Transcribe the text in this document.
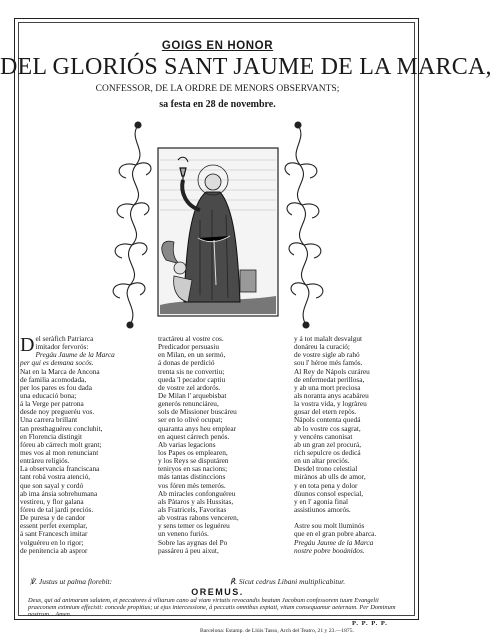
GOIGS EN HONOR
DEL GLORIÓS SANT JAUME DE LA MARCA,
CONFESSOR, DE LA ORDRE DE MENORS OBSERVANTS;
sa festa en 28 de novembre.
D el seràfich Patriarca
imitador fervorós:
Pregáu Jaume de la Marca
per qui es demana socós.
Nat en la Marca de Ancona
de familia acomodada,
per los pares es fou dada
una educació bona;
á la Verge per patrona
desde noy pregueréu vos.
Una carrera brillant
tan presthaguéreu concluhit,
en Florencia distingit
fóreu ab cárrech molt grant;
mes vos al mon renunciant
entràreu religiós.
La observancia franciscana
tant robá vostra atenció,
que son sayal y cordó
ab ima ánsia sobrehumana
vestireu, y flor galana
fóreu de tal jardi preciós.
De puresa y de candor
essent perfet exemplar,
á sant Francesch imitar
volguéreu en lo rigor;
de penitencia ab aspror
tractáreu al vostre cos.
Predicador persuasiu
en Milan, en un sermó,
á donas de perdició
trenta sis ne convertiu;
queda 'l pecador captiu
de vostre zel ardorós.
De Milan l' arquebisbat
generós renunciáreu,
sols de Missioner buscáreu
ser en lo olivé ocupat;
quaranta anys heu emplear
en aquest cárrech penós.
Ab varias legacions
los Papes os emplearen,
y los Reys se disputáren
teniryos en sas nacions;
más tantas distinccions
vos fóren mès temerós.
Ab miracles confonguéreu
als Pàtaros y als Hussitas,
als Fratricels, Favoritas
ab vostras rahons venceren,
y sens temer os leguéreu
un veneno furiós.
Sobre las aygnas del Po
passáreu á peu aixut,
y á tot malalt desvalgut
donáreu la curació;
de vostre sigle ab rahó
sou l' héroe més famós.
Al Rey de Nápols curáreu
de enfermedat perillosa,
y ab una mort preciosa
als noranta anys acabáreu
la vostra vida, y logràreu
gosar del etern repòs.
Nápols contenta quedá
ab lo vostre cos sagrat,
y vencéns canonisat
ab un gran zel procurá,
rich sepulcre os dedicá
en un altar preciós.
Desdel trono celestial
mirànos ab ulls de amor,
y en tota pena y dolor
dùunos consol especial,
y en l' agonia final
assistiunos amorós.
Astre sou molt lluminós
que en el gran pobre abarca.
Pregáu Jaume de la Marca
nostre pobre booánidos.
℣. Justus ut palma florebit:	℟. Sicut cedrus Libani multiplicabitur.
OREMUS.
Deus, qui ad animarum salutem, et peccatores á viltarum cano ad viam virtutis revocandis beatum Jacobum confessorem tuum Evangelii praeconem eximium effecisti: concede propitius; ut ejus intercessione, á peccatis omnibus expiati, vitam consequamur aeternam. Per Dominum nostrum... Amen.
P. P. P. P.
Barcelona: Estamp. de Llúis Tasso, Arch del Teatro, 21 y 23.—1875.
